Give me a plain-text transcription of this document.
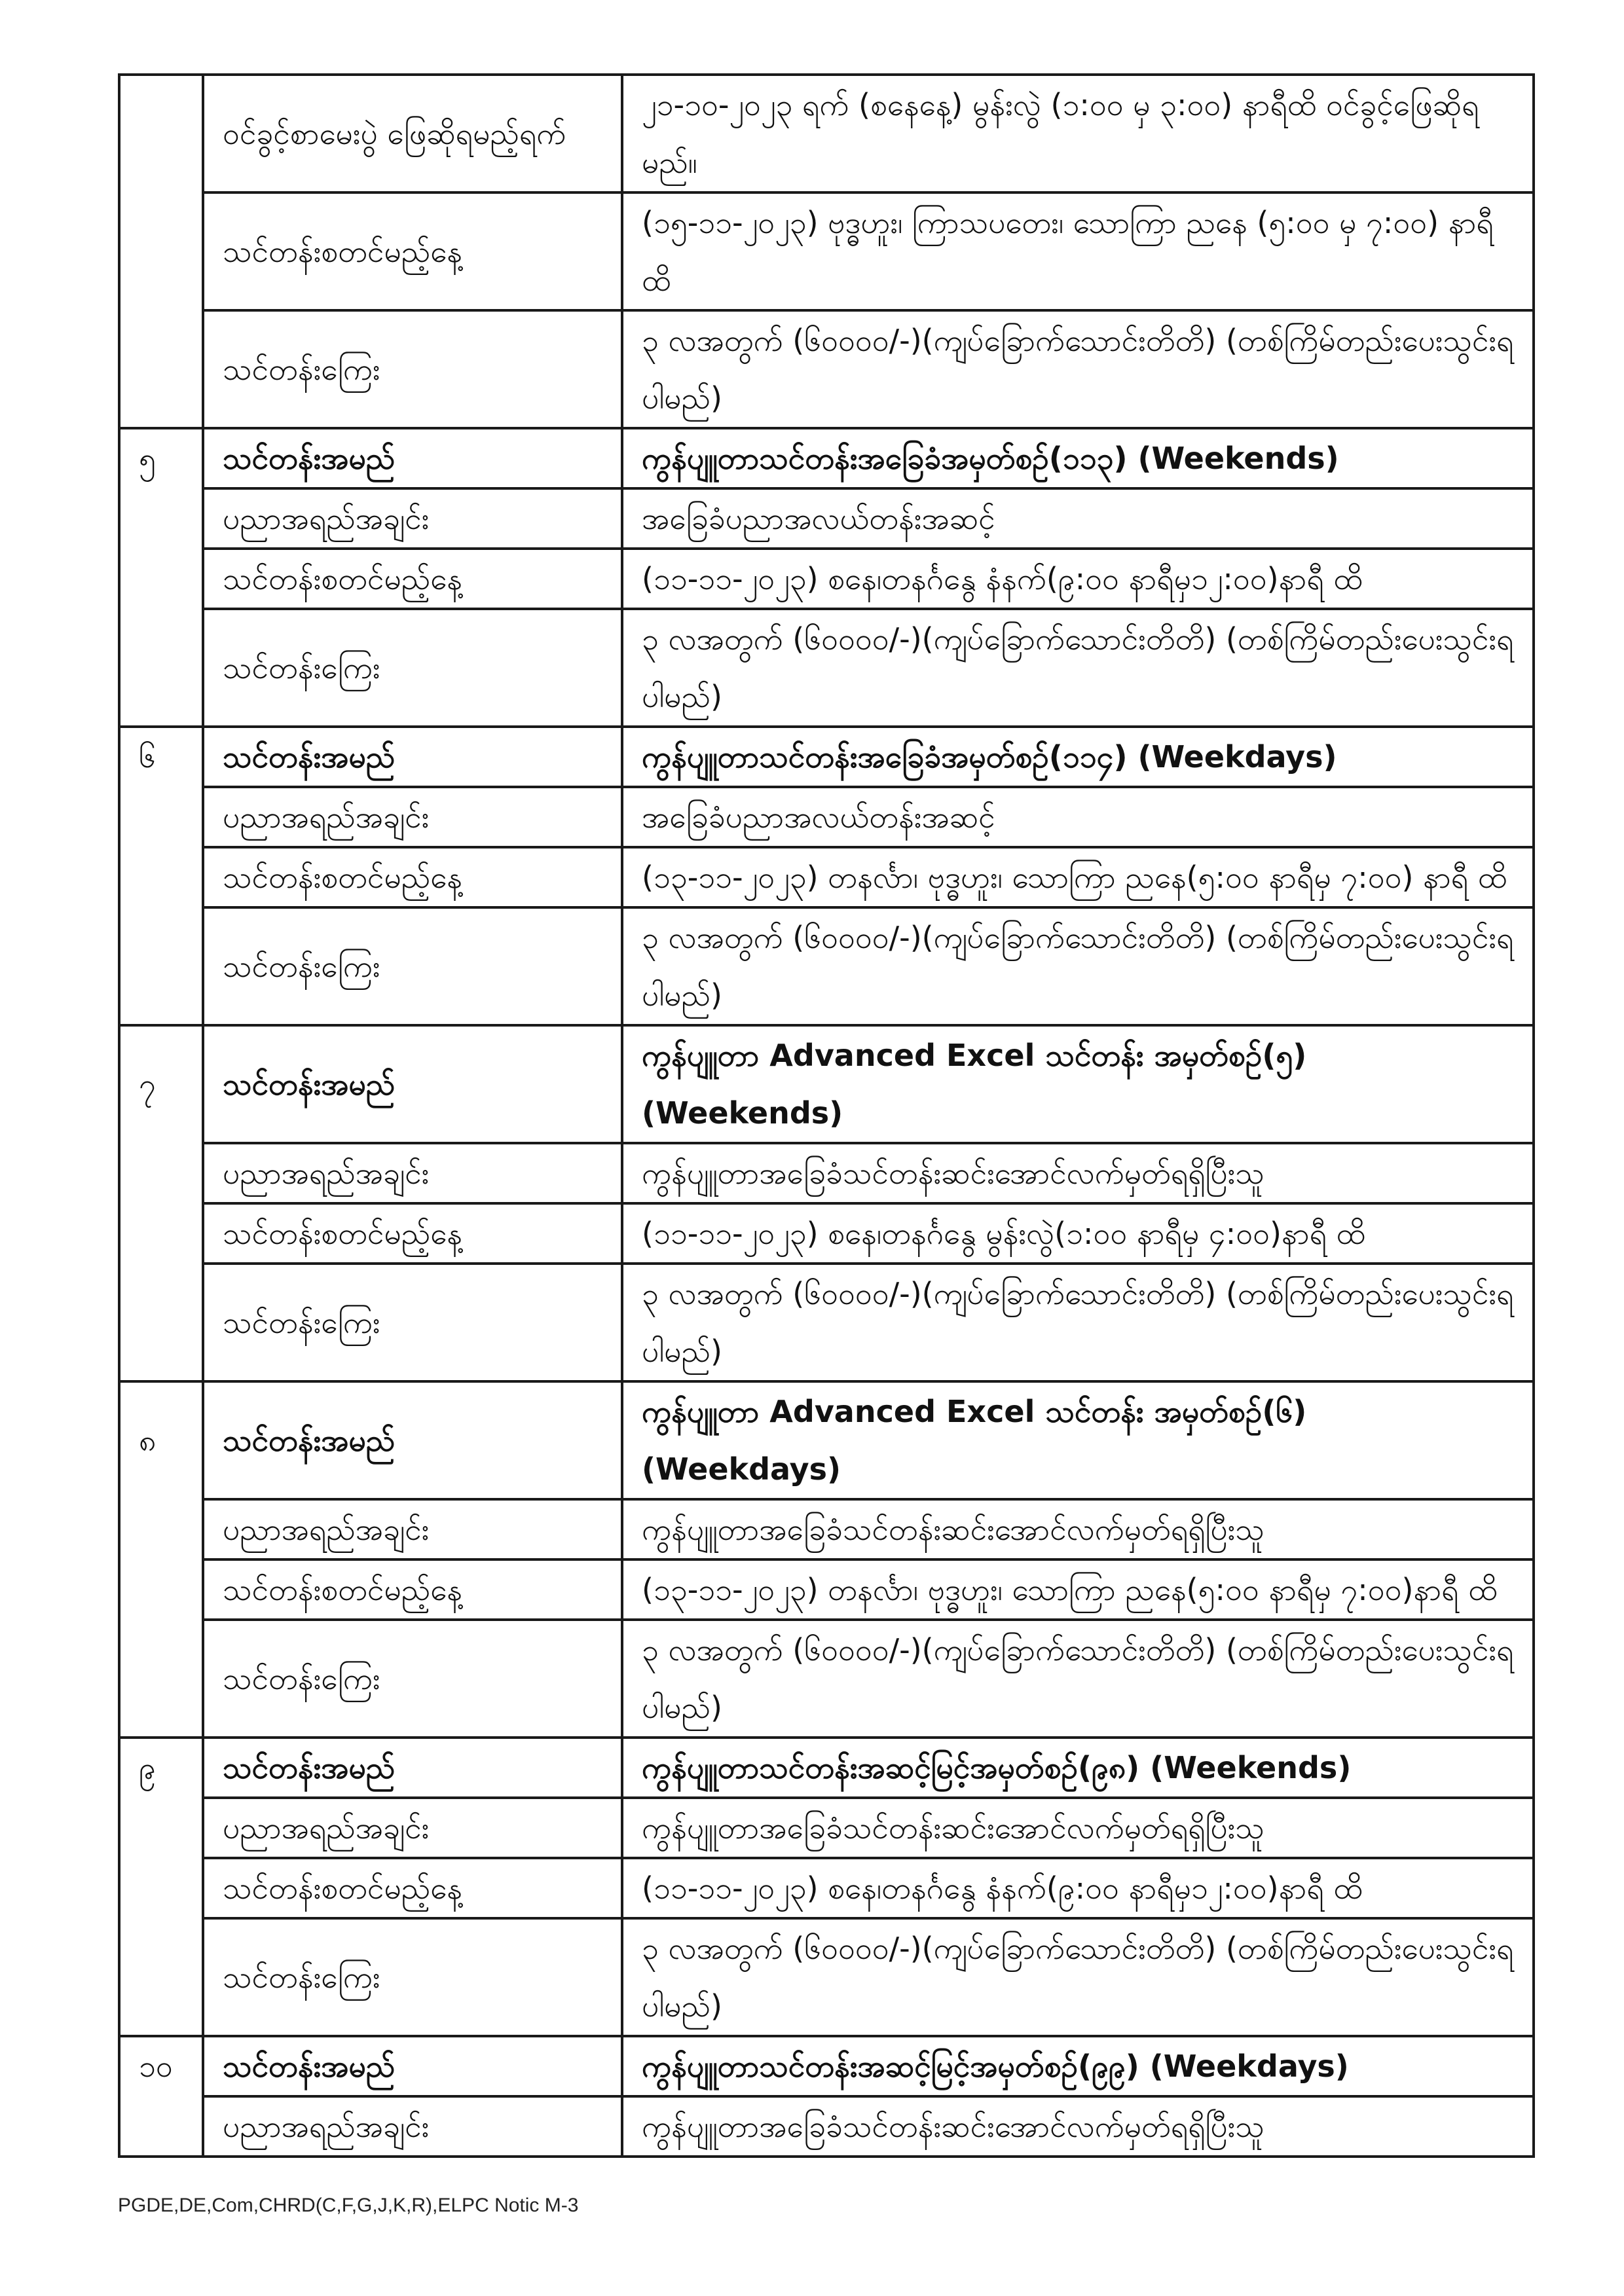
	ဝင်ခွင့်စာမေးပွဲ ဖြေဆိုရမည့်ရက်	၂၁-၁၀-၂၀၂၃ ရက် (စနေနေ့) မွန်းလွဲ (၁:၀၀ မှ ၃:၀၀) နာရီထိ ဝင်ခွင့်ဖြေဆိုရမည်။
	သင်တန်းစတင်မည့်နေ့	(၁၅-၁၁-၂၀၂၃) ဗုဒ္ဓဟူး၊ ကြာသပတေး၊ သောကြာ ညနေ (၅:၀၀ မှ ၇:၀၀) နာရီ ထိ
	သင်တန်းကြေး	၃ လအတွက် (၆၀၀၀၀/-)(ကျပ်ခြောက်သောင်းတိတိ) (တစ်ကြိမ်တည်းပေးသွင်းရပါမည်)
၅	သင်တန်းအမည်	ကွန်ပျူတာသင်တန်းအခြေခံအမှတ်စဉ်(၁၁၃) (Weekends)
	ပညာအရည်အချင်း	အခြေခံပညာအလယ်တန်းအဆင့်
	သင်တန်းစတင်မည့်နေ့	(၁၁-၁၁-၂၀၂၃) စနေ၊တနင်္ဂနွေ နံနက်(၉:၀၀ နာရီမှ၁၂:၀၀)နာရီ ထိ
	သင်တန်းကြေး	၃ လအတွက် (၆၀၀၀၀/-)(ကျပ်ခြောက်သောင်းတိတိ) (တစ်ကြိမ်တည်းပေးသွင်းရပါမည်)
၆	သင်တန်းအမည်	ကွန်ပျူတာသင်တန်းအခြေခံအမှတ်စဉ်(၁၁၄) (Weekdays)
	ပညာအရည်အချင်း	အခြေခံပညာအလယ်တန်းအဆင့်
	သင်တန်းစတင်မည့်နေ့	(၁၃-၁၁-၂၀၂၃) တနင်္လာ၊ ဗုဒ္ဓဟူး၊ သောကြာ ညနေ(၅:၀၀ နာရီမှ ၇:၀၀) နာရီ ထိ
	သင်တန်းကြေး	၃ လအတွက် (၆၀၀၀၀/-)(ကျပ်ခြောက်သောင်းတိတိ) (တစ်ကြိမ်တည်းပေးသွင်းရပါမည်)
၇	သင်တန်းအမည်	ကွန်ပျူတာ Advanced Excel သင်တန်း အမှတ်စဉ်(၅) (Weekends)
	ပညာအရည်အချင်း	ကွန်ပျူတာအခြေခံသင်တန်းဆင်းအောင်လက်မှတ်ရရှိပြီးသူ
	သင်တန်းစတင်မည့်နေ့	(၁၁-၁၁-၂၀၂၃) စနေ၊တနင်္ဂနွေ မွန်းလွဲ(၁:၀၀ နာရီမှ ၄:၀၀)နာရီ ထိ
	သင်တန်းကြေး	၃ လအတွက် (၆၀၀၀၀/-)(ကျပ်ခြောက်သောင်းတိတိ) (တစ်ကြိမ်တည်းပေးသွင်းရပါမည်)
၈	သင်တန်းအမည်	ကွန်ပျူတာ Advanced Excel သင်တန်း အမှတ်စဉ်(၆) (Weekdays)
	ပညာအရည်အချင်း	ကွန်ပျူတာအခြေခံသင်တန်းဆင်းအောင်လက်မှတ်ရရှိပြီးသူ
	သင်တန်းစတင်မည့်နေ့	(၁၃-၁၁-၂၀၂၃) တနင်္လာ၊ ဗုဒ္ဓဟူး၊ သောကြာ ညနေ(၅:၀၀ နာရီမှ ၇:၀၀)နာရီ ထိ
	သင်တန်းကြေး	၃ လအတွက် (၆၀၀၀၀/-)(ကျပ်ခြောက်သောင်းတိတိ) (တစ်ကြိမ်တည်းပေးသွင်းရပါမည်)
၉	သင်တန်းအမည်	ကွန်ပျူတာသင်တန်းအဆင့်မြင့်အမှတ်စဉ်(၉၈) (Weekends)
	ပညာအရည်အချင်း	ကွန်ပျူတာအခြေခံသင်တန်းဆင်းအောင်လက်မှတ်ရရှိပြီးသူ
	သင်တန်းစတင်မည့်နေ့	(၁၁-၁၁-၂၀၂၃) စနေ၊တနင်္ဂနွေ နံနက်(၉:၀၀ နာရီမှ၁၂:၀၀)နာရီ ထိ
	သင်တန်းကြေး	၃ လအတွက် (၆၀၀၀၀/-)(ကျပ်ခြောက်သောင်းတိတိ) (တစ်ကြိမ်တည်းပေးသွင်းရပါမည်)
၁၀	သင်တန်းအမည်	ကွန်ပျူတာသင်တန်းအဆင့်မြင့်အမှတ်စဉ်(၉၉) (Weekdays)
	ပညာအရည်အချင်း	ကွန်ပျူတာအခြေခံသင်တန်းဆင်းအောင်လက်မှတ်ရရှိပြီးသူ
PGDE,DE,Com,CHRD(C,F,G,J,K,R),ELPC Notic M-3
